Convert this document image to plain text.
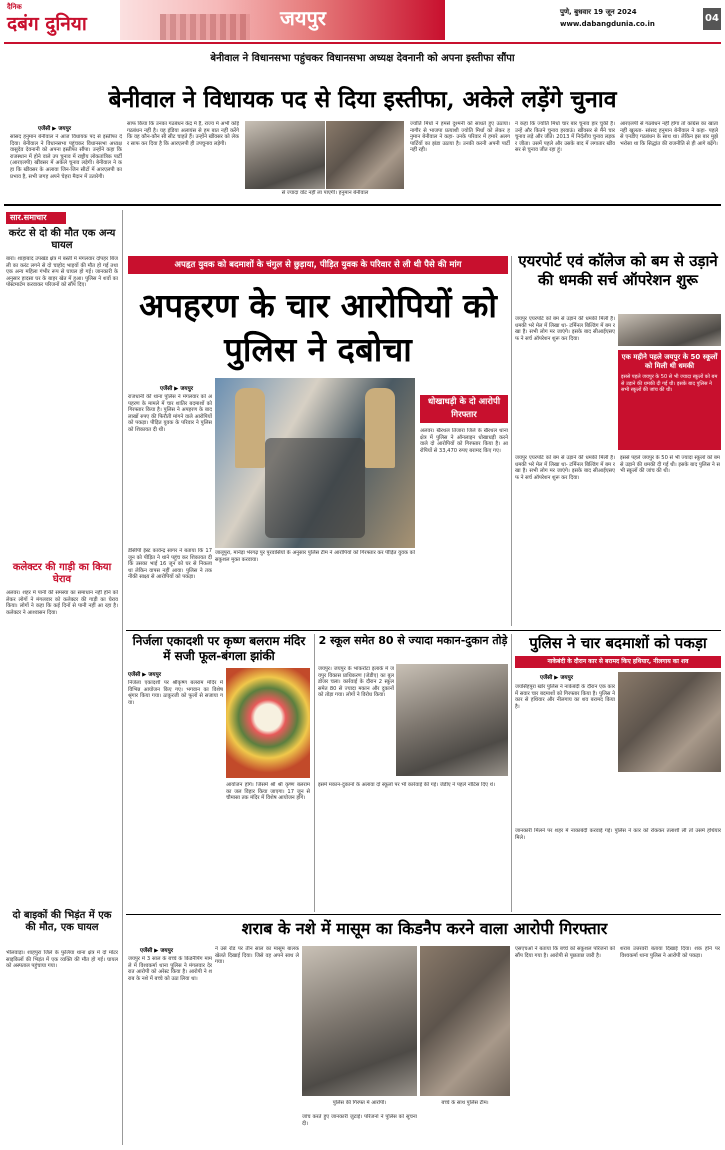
दैनिक
दबंग दुनिया	जयपुर	पुणे, बुधवार 19 जून 2024
www.dabangdunia.co.in	04
बेनीवाल ने विधानसभा पहुंचकर विधानसभा अध्यक्ष देवनानी को अपना इस्तीफा सौंपा
बेनीवाल ने विधायक पद से दिया इस्तीफा, अकेले लड़ेंगे चुनाव
एजेंसी ▶ जयपुर
सांसद हनुमान बेनीवाल ने आज विधायक पद से इस्तीफा दे दिया। बेनीवाल ने विधानसभा पहुंचकर विधानसभा अध्यक्ष वासुदेव देवनानी को अपना इस्तीफा सौंपा। उन्होंने कहा कि राजस्थान में होने वाले उप चुनाव में राष्ट्रीय लोकतांत्रिक पार्टी (आरएलपी) खींवसर में अकेले चुनाव लड़ेगी। बेनीवाल ने कहा कि खींवसर के अलावा जिन-जिन सीटों में आरएलपी का प्रभाव है, सभी जगह अपने चेहरा मैदान में उतारेगी।
साफ किया कि उनका गठबंधन केंद्र में है, राज्य में अभी कोई गठबंधन नहीं है। यह इंडिया अलायंस से हम बात नहीं करेंगे कि वह कौन-कौन सी सीट चाहते हैं। उन्होंने खींवसर को लेकर साफ कर दिया है कि आरएलपी ही उपचुनाव लड़ेगी।
से ज्यादा वोट नहीं ला पाएगी। हनुमान बेनीवाल
ज्योति मिर्धा ने हमसे दुश्मनी को साधते हुए उठाया। नागौर से भाजपा प्रत्याशी ज्योति मिर्धा को लेकर हनुमान बेनीवाल ने कहा- उनके परिवार में हमारे अलग पार्टियों का झंडा उठाया है। उनकी करनी अपनी पार्टी नहीं रही।
ने कहा कि ज्योति मिर्धा चार बार चुनाव हार चुकी हैं। उन्हें और कितने चुनाव हरवाऊं। खींवसर से मैंने चार चुनाव लड़े और जीते। 2013 में निर्दलीय चुनाव लड़कर जीता। उसमें पहले और उसके बाद में लगातार खींवसर से चुनाव जीत रहा हूं।
आरएलपी से गठबंधन नहीं होगा तो कांग्रेस का खाता नहीं खुलता- सांसद हनुमान बेनीवाल ने कहा- पहले से एनडीए गठबंधन के साथ था। लेकिन इस बार मुझे भरोसा था कि सिद्धांत की राजनीति से ही आगे बढ़ेंगे।
सार.समाचार
करंट से दो की मौत एक अन्य घायल
बारां। शाहाबाद उपखंड क्षेत्र में बस्ती में मंगलवार दोपहर बिजली का करंट लगने से दो चाहोद भाइयों की मौत हो गई तथा एक अन्य महिला गंभीर रूप से घायल हो गई। जानकारी के अनुसार हादसा घर के बाहर खेत में हुआ। पुलिस ने शवों का पोस्टमार्टम करवाकर परिजनों को सौंप दिए।
कलेक्टर की गाड़ी का किया घेराव
अलवर। शहर में पानी की समस्या का समाधान नहीं होने को लेकर लोगों ने मंगलवार को कलेक्टर की गाड़ी का घेराव किया। लोगों ने कहा कि कई दिनों से पानी नहीं आ रहा है। कलेक्टर ने आश्वासन दिया।
दो बाइकों की भिड़ंत में एक की मौत, एक घायल
भीलवाड़ा। शाहपुरा जिले के फुलिया थाना क्षेत्र में दो मोटरसाइकिलों की भिड़ंत में एक व्यक्ति की मौत हो गई। घायल को अस्पताल पहुंचाया गया।
अपहृत युवक को बदमाशों के चंगुल से छुड़ाया, पीड़ित युवक के परिवार से ली थी पैसे की मांग
अपहरण के चार आरोपियों को पुलिस ने दबोचा
एजेंसी ▶ जयपुर
राजधानी की थाना पुलिस ने मंगलवार को अपहरण के मामले में चार शातिर बदमाशों को गिरफ्तार किया है। पुलिस ने अपहरण के बाद लाखों रुपए की फिरौती मांगने वाले आरोपियों को पकड़ा। पीड़ित युवक के परिवार ने पुलिस को शिकायत दी थी।
जालूपुरा, मानेड़ा भेरगढ़ पुर पुरवासियों के अनुसार पुलिस टीम ने आरोपियों को गिरफ्तार कर पीड़ित युवक को सकुशल मुक्त करवाया।
डीसीपी ईस्ट कावेन्द्र सागर ने बताया कि 17 जून को पीड़ित ने थाने पहुंच कर शिकायत दी कि उसका भाई 16 जून को घर से निकला था लेकिन वापस नहीं आया। पुलिस ने तकनीकी साक्ष्य से आरोपियों को पकड़ा।
धोखाधड़ी के दो आरोपी गिरफ्तार
अलवर। खैरथल तिजारा जिले के खैरथल थाना क्षेत्र में पुलिस ने ऑनलाइन धोखाधड़ी करने वाले दो आरोपियों को गिरफ्तार किया है। आरोपियों से 33,470 रुपए बरामद किए गए।
एयरपोर्ट एवं कॉलेज को बम से उड़ाने की धमकी सर्च ऑपरेशन शुरू
जयपुर एयरपोर्ट को बम से उड़ाने की धमकी मिली है। धमकी भरे मेल में लिखा था- टर्मिनल बिल्डिंग में बम रखा है। सभी लोग मर जाएंगे। इसके बाद सीआईएसएफ ने सर्च ऑपरेशन शुरू कर दिया।
एक महीने पहले जयपुर के 50 स्कूलों को मिली थी धमकी
इससे पहले जयपुर के 50 से भी ज्यादा स्कूलों को बम से उड़ाने की धमकी दी गई थी। इसके बाद पुलिस ने सभी स्कूलों की जांच की थी।
जयपुर एयरपोर्ट को बम से उड़ाने की धमकी मिली है। धमकी भरे मेल में लिखा था- टर्मिनल बिल्डिंग में बम रखा है। सभी लोग मर जाएंगे। इसके बाद सीआईएसएफ ने सर्च ऑपरेशन शुरू कर दिया।
इससे पहले जयपुर के 50 से भी ज्यादा स्कूलों को बम से उड़ाने की धमकी दी गई थी। इसके बाद पुलिस ने सभी स्कूलों की जांच की थी।
निर्जला एकादशी पर कृष्ण बलराम मंदिर में सजी फूल-बंगला झांकी
एजेंसी ▶ जयपुर
निर्जला एकादशी पर श्रीकृष्ण बलराम मंदिर में विभिन्न आयोजन किए गए। भगवान का विशेष श्रृंगार किया गया। ठाकुरजी को फूलों से सजाया गया।
आयोजन होंगे। जिसमें श्री श्री कृष्ण बलराम का जल विहार किया जाएगा। 17 जून से चौमासा तक मंदिर में विशेष आयोजन होंगे।
2 स्कूल समेत 80 से ज्यादा मकान-दुकान तोड़े
जयपुर। जयपुर के भांकरोटा इलाके में जयपुर विकास प्राधिकरण (जेडीए) का बुलडोजर चला। कार्रवाई के दौरान 2 स्कूल समेत 80 से ज्यादा मकान और दुकानों को तोड़ा गया। लोगों ने विरोध किया।
इसमें मकान-दुकानों के अलावा दो स्कूलों पर भी कार्रवाई की गई। जेडीए ने पहले नोटिस दिए थे।
पुलिस ने चार बदमाशों को पकड़ा
नाकेबंदी के दौरान कार से बरामद किए हथियार, नीलगाय का शव
एजेंसी ▶ जयपुर
जयसिंहपुरा खोर पुलिस ने नाकेबंदी के दौरान एक कार में सवार चार बदमाशों को गिरफ्तार किया है। पुलिस ने कार से हथियार और नीलगाय का शव बरामद किया है।
जानकारी मिलने पर शहर में नाकाबंदी करवाई गई। पुलिस ने कार को रोककर तलाशी ली तो उसमें हथियार मिले।
शराब के नशे में मासूम का किडनैप करने वाला आरोपी गिरफ्तार
एजेंसी ▶ जयपुर
जयपुर में 3 साल के बच्चे के किडनैपिंग मामले में विश्वकर्मा थाना पुलिस ने मंगलवार देर रात आरोपी को अरेस्ट किया है। आरोपी ने शराब के नशे में बच्चे को उठा लिया था।
ने उसे रोड पर तीन साल का मासूम बालक खेलते दिखाई दिया। जिसे वह अपने साथ ले गया।
पुलिस की गिरफ्त में आरोपी।
जांच करते हुए जानकारी जुटाई। परिजनों ने पुलिस को सूचना दी।
बच्चे के साथ पुलिस टीम।
एसएचओ ने बताया कि बच्चे को सकुशल परिजनों को सौंप दिया गया है। आरोपी से पूछताछ जारी है।
शराब उत्तरवरी बताया दिखाई दिया। शक होने पर विश्वकर्मा थाना पुलिस ने आरोपी को पकड़ा।
